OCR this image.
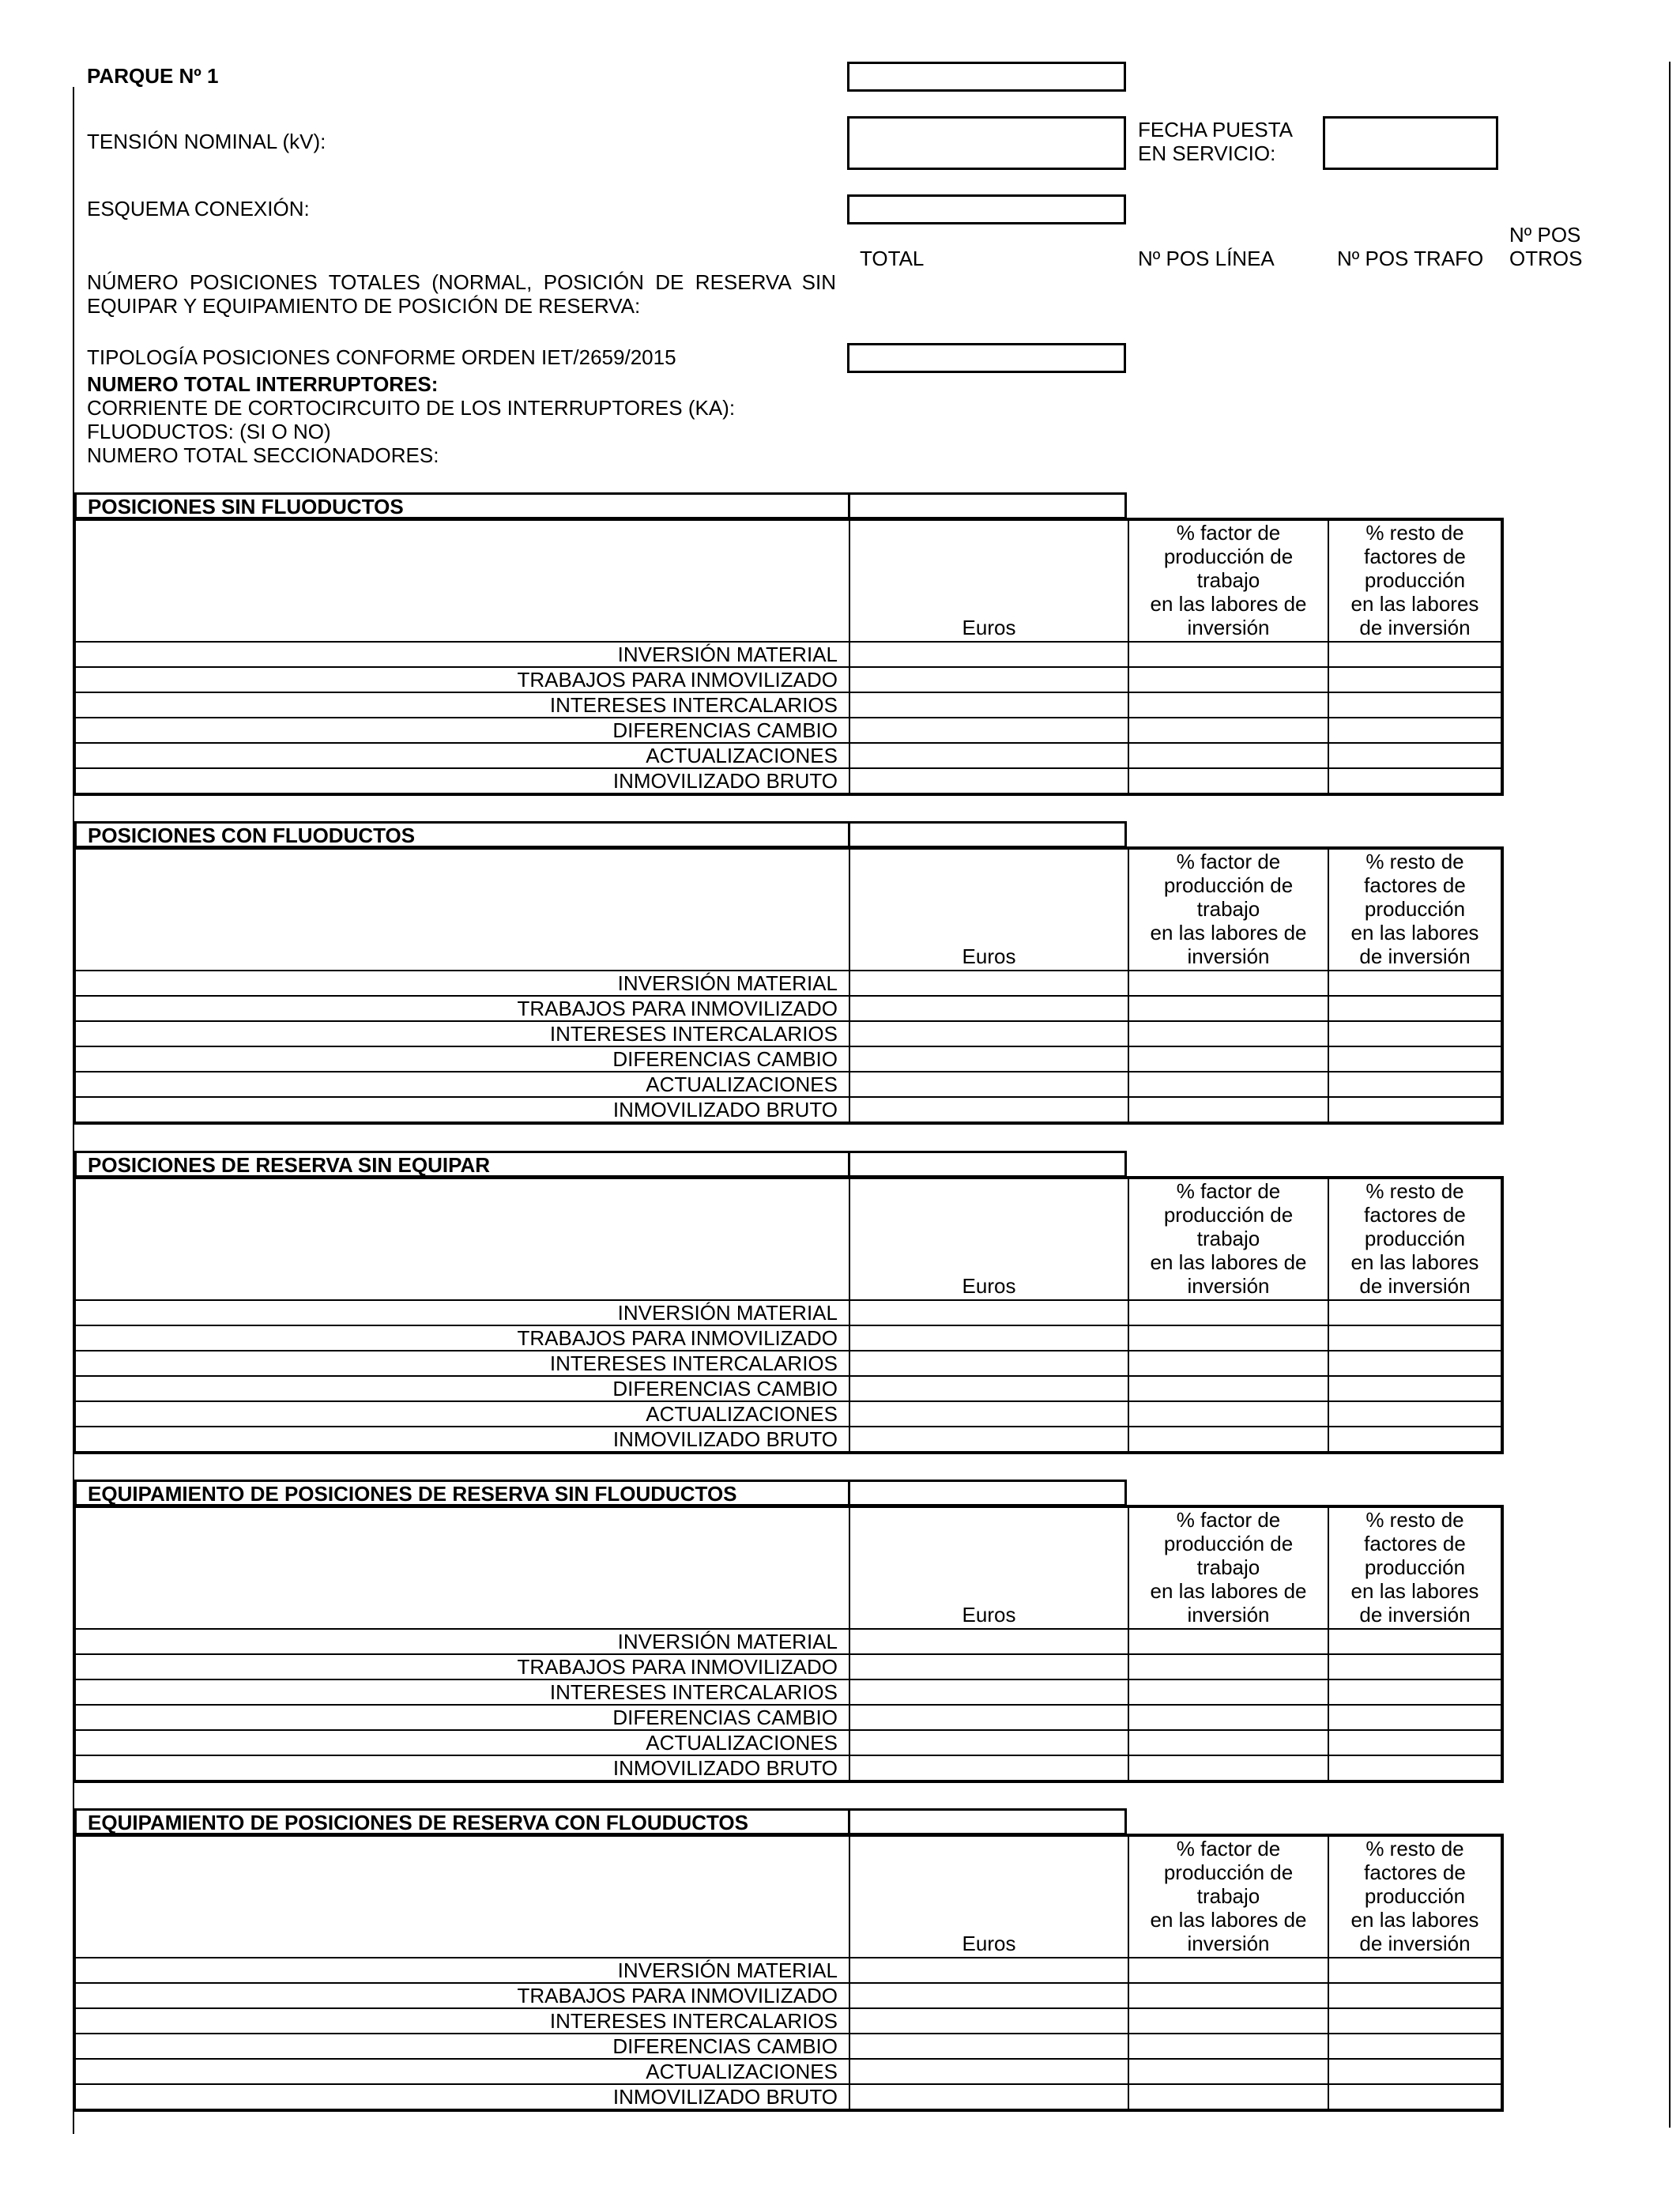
PARQUE Nº 1
TENSIÓN NOMINAL (kV):	FECHA PUESTA
EN SERVICIO:
ESQUEMA CONEXIÓN:
TOTAL	Nº POS LÍNEA	Nº POS TRAFO
Nº POS
OTROS
NÚMERO POSICIONES TOTALES (NORMAL, POSICIÓN DE RESERVA SIN
EQUIPAR Y EQUIPAMIENTO DE POSICIÓN DE RESERVA:
TIPOLOGÍA POSICIONES CONFORME ORDEN IET/2659/2015
NUMERO TOTAL INTERRUPTORES:
CORRIENTE DE CORTOCIRCUITO DE LOS INTERRUPTORES (KA):
FLUODUCTOS: (SI O NO)
NUMERO TOTAL SECCIONADORES:
POSICIONES SIN FLUODUCTOS

	Euros	% factor de
producción de
trabajo
en las labores de
inversión	% resto de
factores de
producción
en las labores
de inversión

INVERSIÓN MATERIAL			
TRABAJOS PARA INMOVILIZADO			
INTERESES INTERCALARIOS			
DIFERENCIAS CAMBIO			
ACTUALIZACIONES			
INMOVILIZADO BRUTO			
POSICIONES CON FLUODUCTOS

	Euros	% factor de
producción de
trabajo
en las labores de
inversión	% resto de
factores de
producción
en las labores
de inversión

INVERSIÓN MATERIAL			
TRABAJOS PARA INMOVILIZADO			
INTERESES INTERCALARIOS			
DIFERENCIAS CAMBIO			
ACTUALIZACIONES			
INMOVILIZADO BRUTO			
POSICIONES DE RESERVA SIN EQUIPAR

	Euros	% factor de
producción de
trabajo
en las labores de
inversión	% resto de
factores de
producción
en las labores
de inversión

INVERSIÓN MATERIAL			
TRABAJOS PARA INMOVILIZADO			
INTERESES INTERCALARIOS			
DIFERENCIAS CAMBIO			
ACTUALIZACIONES			
INMOVILIZADO BRUTO			
EQUIPAMIENTO DE POSICIONES DE RESERVA SIN FLOUDUCTOS

	Euros	% factor de
producción de
trabajo
en las labores de
inversión	% resto de
factores de
producción
en las labores
de inversión

INVERSIÓN MATERIAL			
TRABAJOS PARA INMOVILIZADO			
INTERESES INTERCALARIOS			
DIFERENCIAS CAMBIO			
ACTUALIZACIONES			
INMOVILIZADO BRUTO			
EQUIPAMIENTO DE POSICIONES DE RESERVA CON FLOUDUCTOS

	Euros	% factor de
producción de
trabajo
en las labores de
inversión	% resto de
factores de
producción
en las labores
de inversión

INVERSIÓN MATERIAL			
TRABAJOS PARA INMOVILIZADO			
INTERESES INTERCALARIOS			
DIFERENCIAS CAMBIO			
ACTUALIZACIONES			
INMOVILIZADO BRUTO			
